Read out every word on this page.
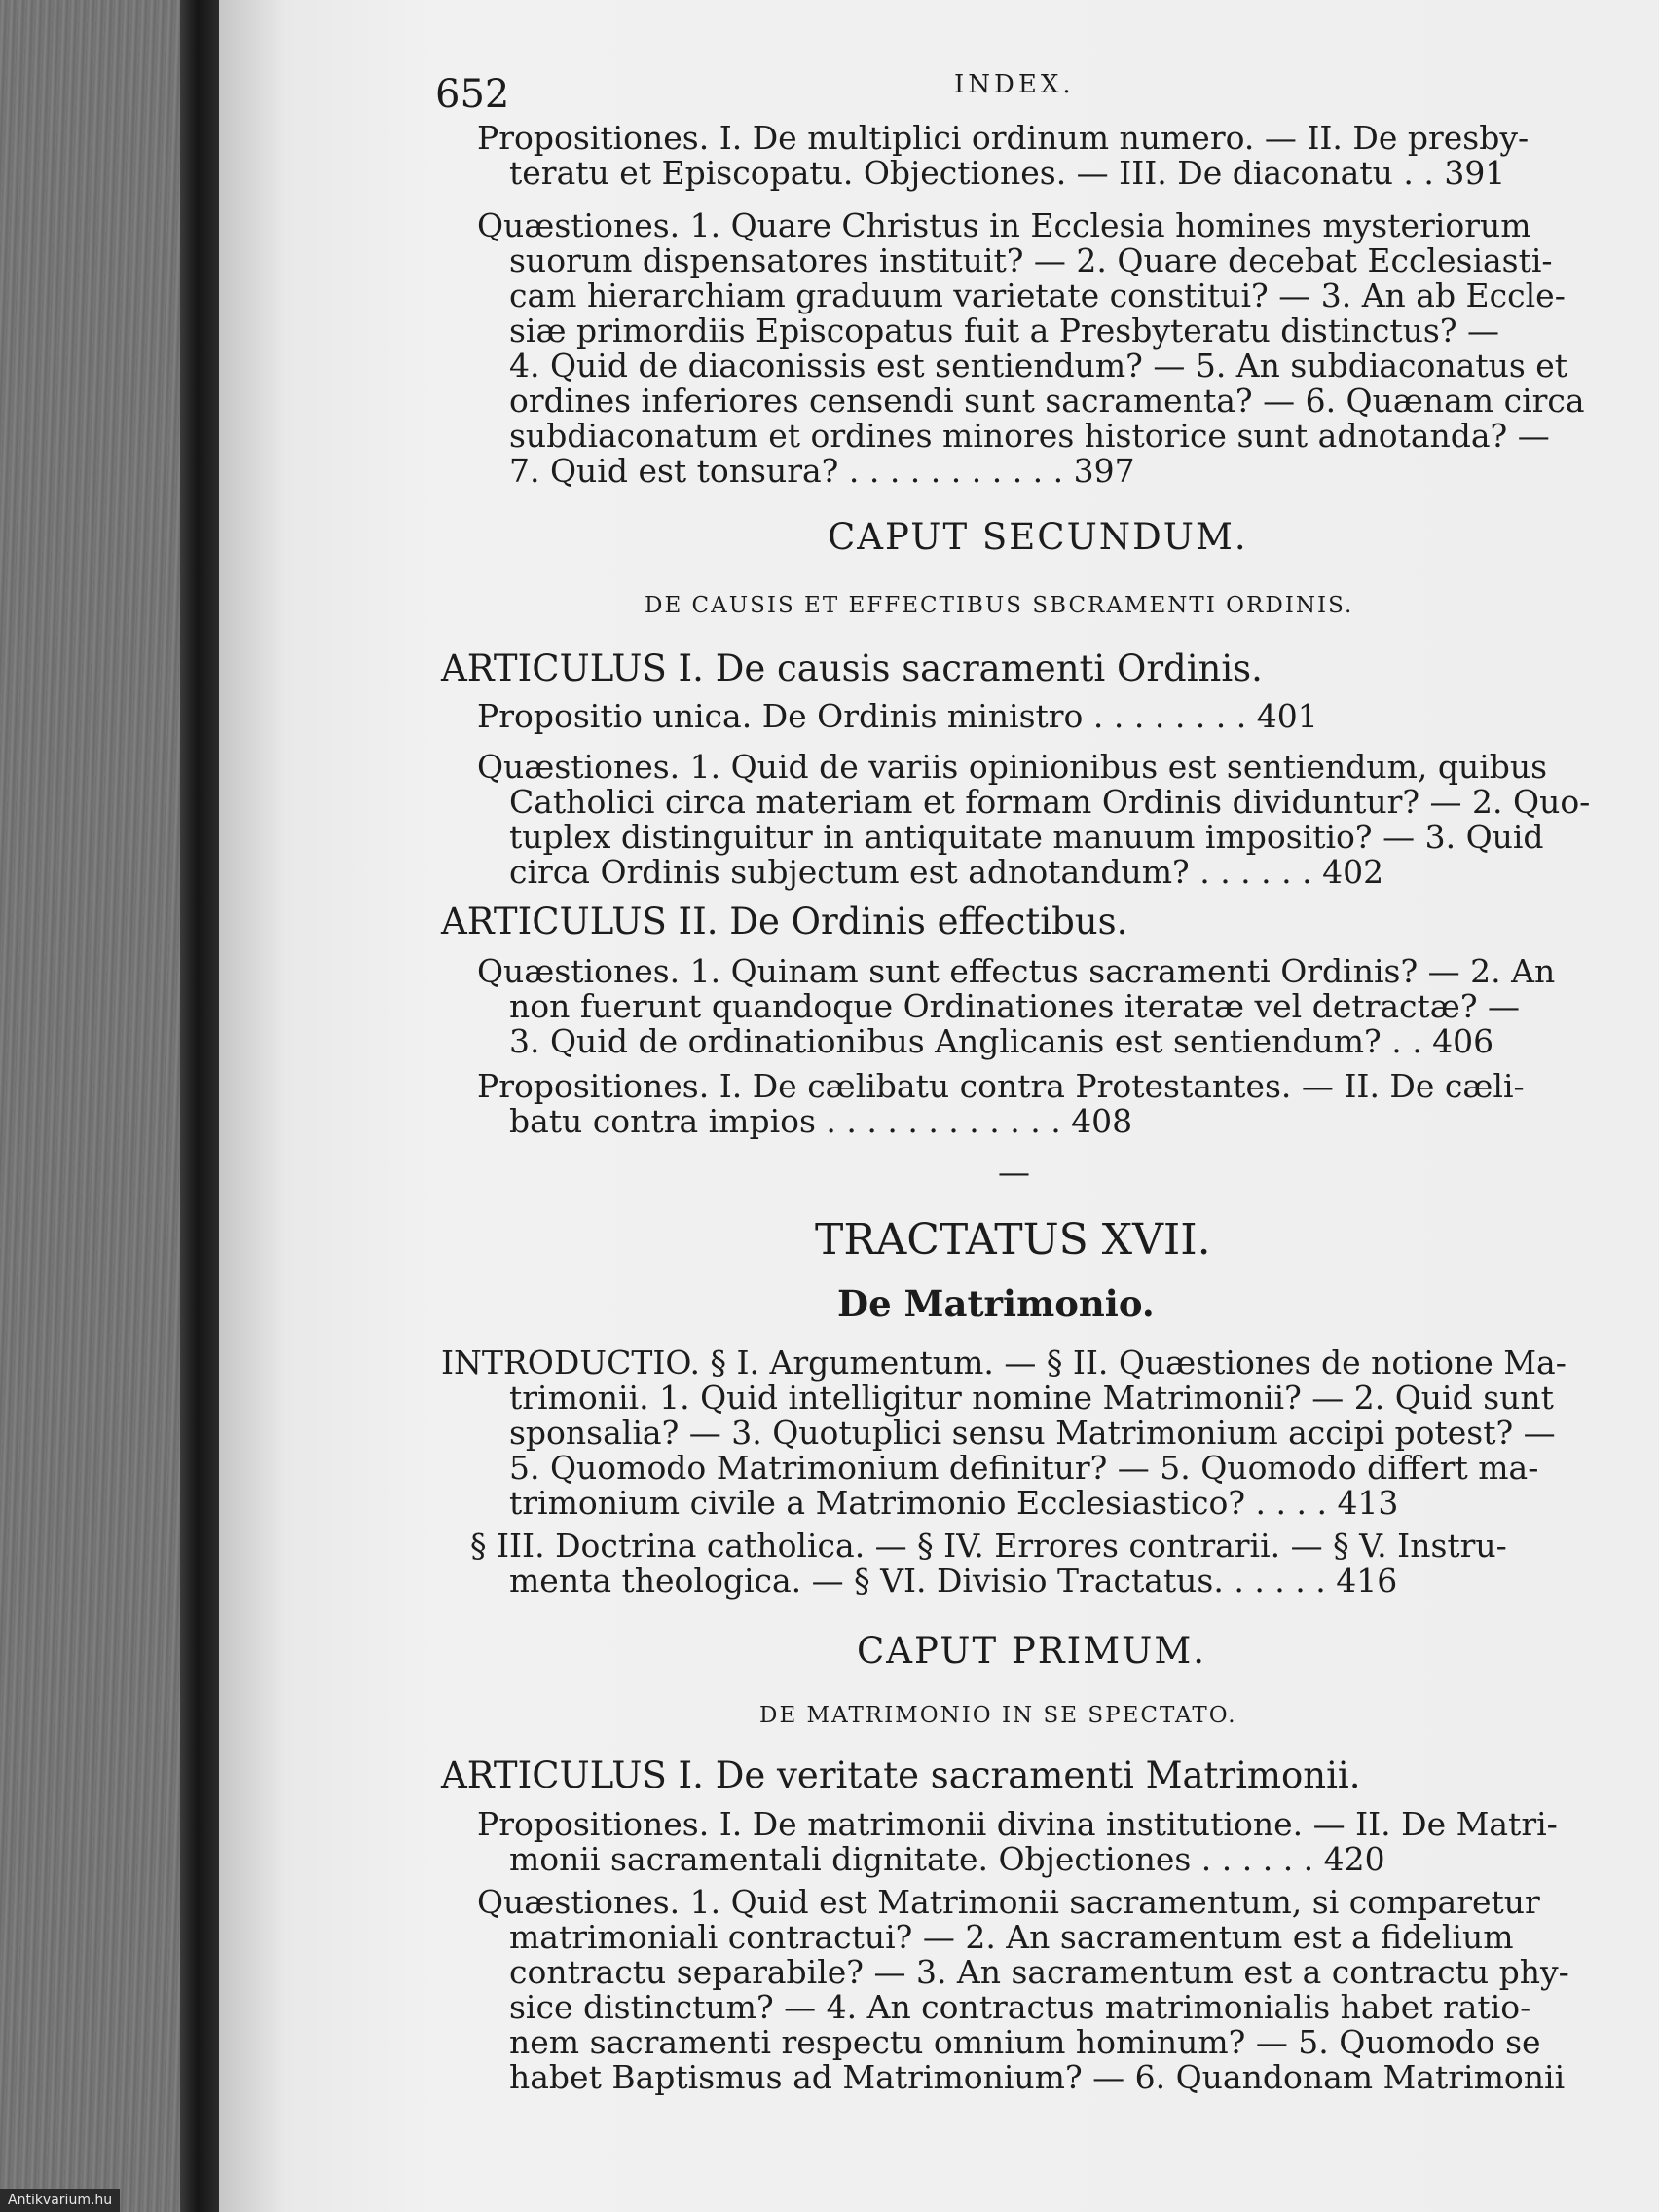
652	INDEX.
Propositiones. I. De multiplici ordinum numero. — II. De presby-
teratu et Episcopatu. Objectiones. — III. De diaconatu . . 391
Quæstiones. 1. Quare Christus in Ecclesia homines mysteriorum
suorum dispensatores instituit? — 2. Quare decebat Ecclesiasti-
cam hierarchiam graduum varietate constitui? — 3. An ab Eccle-
siæ primordiis Episcopatus fuit a Presbyteratu distinctus? —
4. Quid de diaconissis est sentiendum? — 5. An subdiaconatus et
ordines inferiores censendi sunt sacramenta? — 6. Quænam circa
subdiaconatum et ordines minores historice sunt adnotanda? —
7. Quid est tonsura? . . . . . . . . . . . 397
CAPUT SECUNDUM.
DE CAUSIS ET EFFECTIBUS SBCRAMENTI ORDINIS.
ARTICULUS I. De causis sacramenti Ordinis.
Propositio unica. De Ordinis ministro . . . . . . . . 401
Quæstiones. 1. Quid de variis opinionibus est sentiendum, quibus
Catholici circa materiam et formam Ordinis dividuntur? — 2. Quo-
tuplex distinguitur in antiquitate manuum impositio? — 3. Quid
circa Ordinis subjectum est adnotandum? . . . . . . 402
ARTICULUS II. De Ordinis effectibus.
Quæstiones. 1. Quinam sunt effectus sacramenti Ordinis? — 2. An
non fuerunt quandoque Ordinationes iteratæ vel detractæ? —
3. Quid de ordinationibus Anglicanis est sentiendum? . . 406
Propositiones. I. De cælibatu contra Protestantes. — II. De cæli-
batu contra impios . . . . . . . . . . . . 408
—
TRACTATUS XVII.
De Matrimonio.
INTRODUCTIO. § I. Argumentum. — § II. Quæstiones de notione Ma-
trimonii. 1. Quid intelligitur nomine Matrimonii? — 2. Quid sunt
sponsalia? — 3. Quotuplici sensu Matrimonium accipi potest? —
5. Quomodo Matrimonium definitur? — 5. Quomodo differt ma-
trimonium civile a Matrimonio Ecclesiastico? . . . . 413
§ III. Doctrina catholica. — § IV. Errores contrarii. — § V. Instru-
menta theologica. — § VI. Divisio Tractatus. . . . . . 416
CAPUT PRIMUM.
DE MATRIMONIO IN SE SPECTATO.
ARTICULUS I. De veritate sacramenti Matrimonii.
Propositiones. I. De matrimonii divina institutione. — II. De Matri-
monii sacramentali dignitate. Objectiones . . . . . . 420
Quæstiones. 1. Quid est Matrimonii sacramentum, si comparetur
matrimoniali contractui? — 2. An sacramentum est a fidelium
contractu separabile? — 3. An sacramentum est a contractu phy-
sice distinctum? — 4. An contractus matrimonialis habet ratio-
nem sacramenti respectu omnium hominum? — 5. Quomodo se
habet Baptismus ad Matrimonium? — 6. Quandonam Matrimonii
Antikvarium.hu
